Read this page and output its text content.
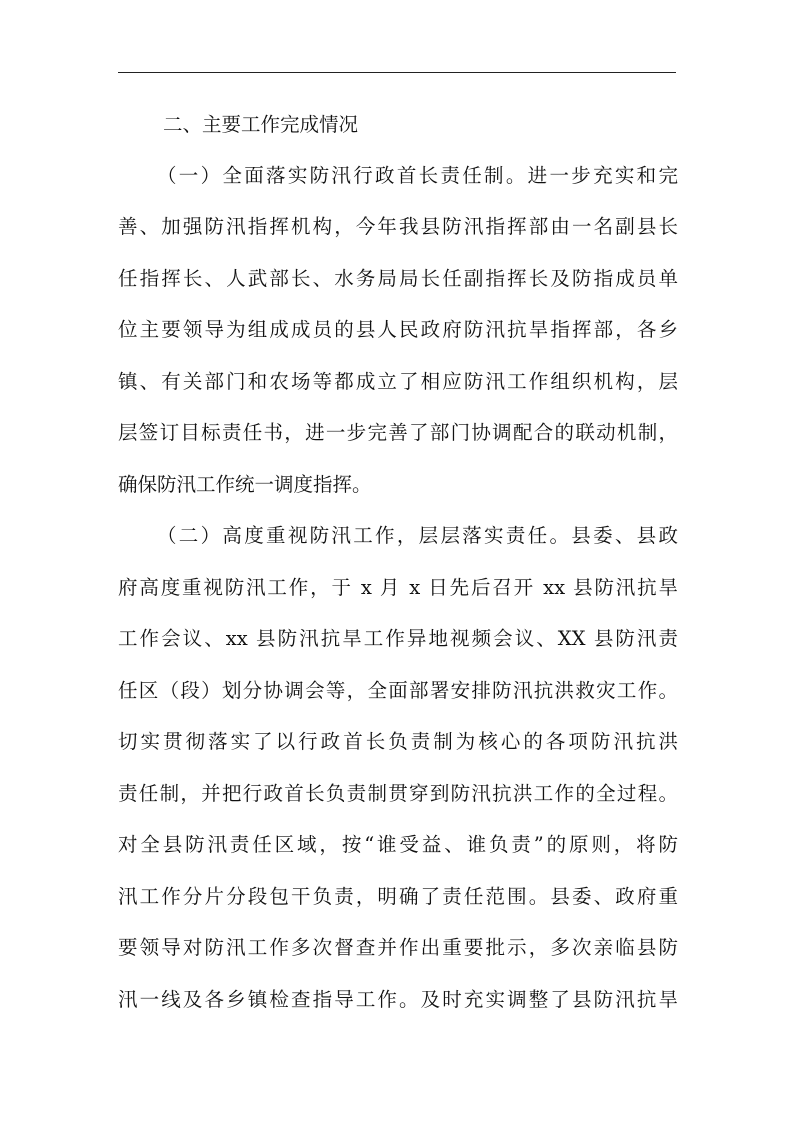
二、主要工作完成情况
（一）全面落实防汛行政首长责任制。进一步充实和完
善、加强防汛指挥机构，今年我县防汛指挥部由一名副县长
任指挥长、人武部长、水务局局长任副指挥长及防指成员单
位主要领导为组成成员的县人民政府防汛抗旱指挥部，各乡
镇、有关部门和农场等都成立了相应防汛工作组织机构，层
层签订目标责任书，进一步完善了部门协调配合的联动机制，
确保防汛工作统一调度指挥。
（二）高度重视防汛工作，层层落实责任。县委、县政
府高度重视防汛工作，于 x 月 x 日先后召开 xx 县防汛抗旱
工作会议、xx 县防汛抗旱工作异地视频会议、XX 县防汛责
任区（段）划分协调会等，全面部署安排防汛抗洪救灾工作。
切实贯彻落实了以行政首长负责制为核心的各项防汛抗洪
责任制，并把行政首长负责制贯穿到防汛抗洪工作的全过程。
对全县防汛责任区域，按“谁受益、谁负责”的原则，将防
汛工作分片分段包干负责，明确了责任范围。县委、政府重
要领导对防汛工作多次督查并作出重要批示，多次亲临县防
汛一线及各乡镇检查指导工作。及时充实调整了县防汛抗旱
